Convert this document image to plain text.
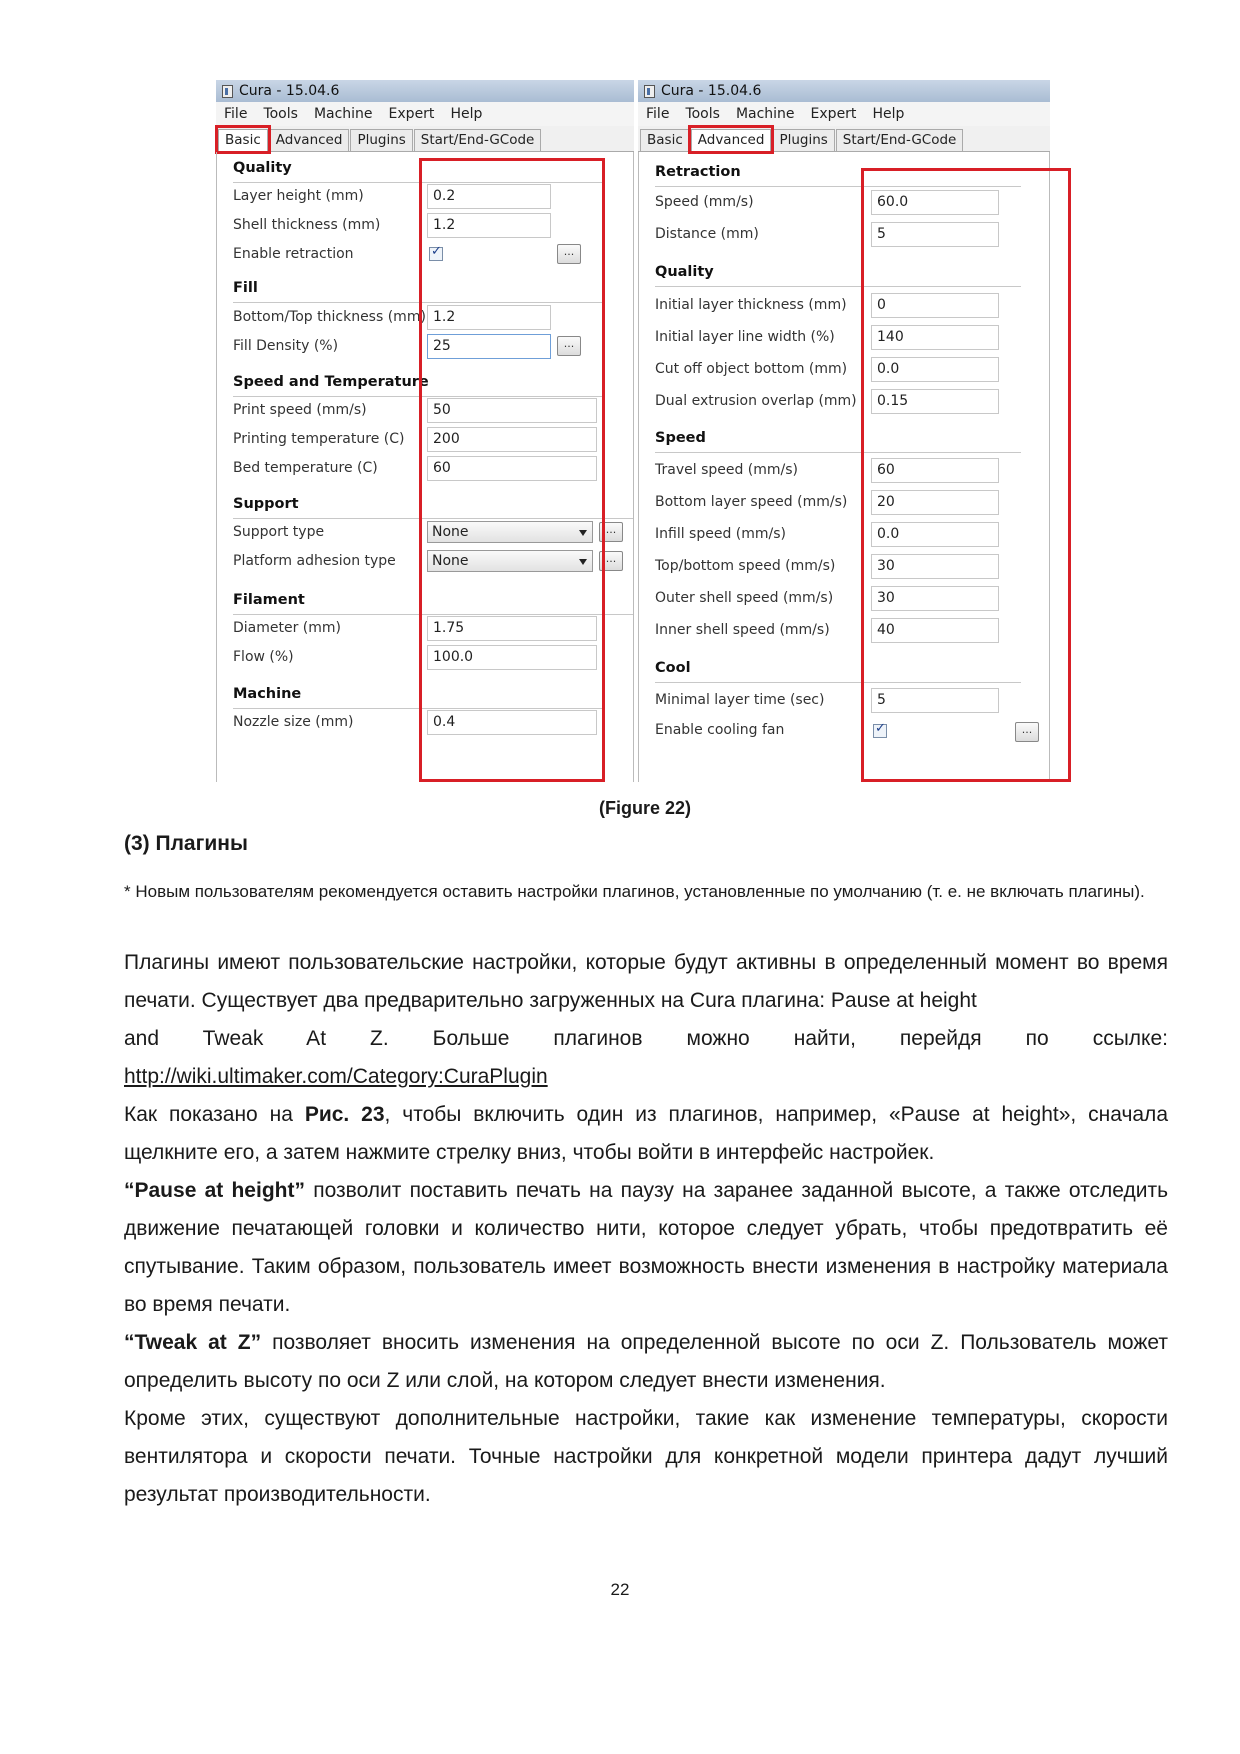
Cura - 15.04.6
File Tools Machine Expert Help
Basic	Advanced	Plugins	Start/End-GCode
Quality
Layer height (mm)	0.2
Shell thickness (mm)	1.2
Enable retraction ✓	...
Fill
Bottom/Top thickness (mm) 1.2
Fill Density (%)	25	...
Speed and Temperature
Print speed (mm/s)	50
Printing temperature (C)	200
Bed temperature (C)	60
Support
Support type	None	...
Platform adhesion type	None	...
Filament
Diameter (mm)	1.75
Flow (%)	100.0
Machine
Nozzle size (mm)	0.4
Cura - 15.04.6
File Tools Machine Expert Help
Basic	Advanced	Plugins	Start/End-GCode
Retraction
Speed (mm/s)	60.0
Distance (mm)	5
Quality
Initial layer thickness (mm)	0
Initial layer line width (%)	140
Cut off object bottom (mm)	0.0
Dual extrusion overlap (mm)	0.15
Speed
Travel speed (mm/s)	60
Bottom layer speed (mm/s)	20
Infill speed (mm/s)	0.0
Top/bottom speed (mm/s)	30
Outer shell speed (mm/s)	30
Inner shell speed (mm/s)	40
Cool
Minimal layer time (sec)	5
Enable cooling fan ✓	...
(Figure 22)
(3) Плагины
* Новым пользователям рекомендуется оставить настройки плагинов, установленные по умолчанию (т. е. не включать плагины).
Плагины имеют пользовательские настройки, которые будут активны в определенный момент во время печати. Существует два предварительно загруженных на Cura плагина: Pause at height
and Tweak At Z. Больше плагинов можно найти, перейдя по ссылке:
http://wiki.ultimaker.com/Category:CuraPlugin
Как показано на Рис. 23, чтобы включить один из плагинов, например, «Pause at height», сначала щелкните его, а затем нажмите стрелку вниз, чтобы войти в интерфейс настройек.
“Pause at height” позволит поставить печать на паузу на заранее заданной высоте, а также отследить движение печатающей головки и количество нити, которое следует убрать, чтобы предотвратить её спутывание. Таким образом, пользователь имеет возможность внести изменения в настройку материала во время печати.
“Tweak at Z” позволяет вносить изменения на определенной высоте по оси Z. Пользователь может определить высоту по оси Z или слой, на котором следует внести изменения.
Кроме этих, существуют дополнительные настройки, такие как изменение температуры, скорости вентилятора и скорости печати. Точные настройки для конкретной модели принтера дадут лучший результат производительности.
22
